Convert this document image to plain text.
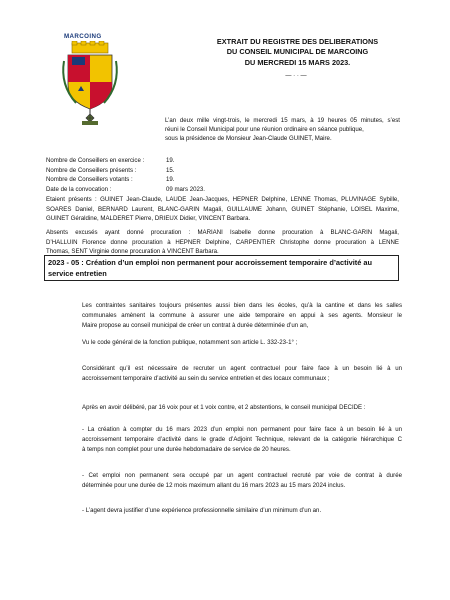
MARCOING
EXTRAIT DU REGISTRE DES DELIBERATIONS
DU CONSEIL MUNICIPAL DE MARCOING
DU MERCREDI 15 MARS 2023.
— · · —
L’an deux mille vingt-trois, le mercredi 15 mars, à 19 heures 05 minutes, s’est
réuni le Conseil Municipal pour une réunion ordinaire en séance publique,
sous la présidence de Monsieur Jean-Claude GUINET, Maire.
Nombre de Conseillers en exercice :	19.
Nombre de Conseillers présents :	15.
Nombre de Conseillers votants :	19.
Date de la convocation :	09 mars 2023.
Etaient présents : GUINET Jean-Claude, LAUDE Jean-Jacques, HEPNER Delphine, LENNE Thomas, PLUVINAGE Sybille,
SOARES Daniel, BERNARD Laurent, BLANC-GARIN Magali, GUILLAUME Johann, GUINET Stéphanie, LOISEL Maxime,
GUINET Géraldine, MALDERET Pierre, DRIEUX Didier, VINCENT Barbara.
Absents excusés ayant donné procuration : MARIANI Isabelle donne procuration à BLANC-GARIN Magali,
D’HALLUIN Florence donne procuration à HEPNER Delphine, CARPENTIER Christophe donne procuration à LENNE
Thomas, SENT Virginie donne procuration à VINCENT Barbara.
2023 - 05 : Création d’un emploi non permanent pour accroissement temporaire d’activité au service entretien
Les contraintes sanitaires toujours présentes aussi bien dans les écoles, qu’à la cantine et dans les salles
communales amènent la commune à assurer une aide temporaire en appui à ses agents. Monsieur le
Maire propose au conseil municipal de créer un contrat à durée déterminée d’un an,
Vu le code général de la fonction publique, notamment son article L. 332-23-1° ;
Considérant qu’il est nécessaire de recruter un agent contractuel pour faire face à un besoin lié à un
accroissement temporaire d’activité au sein du service entretien et des locaux communaux ;
Après en avoir délibéré, par 16 voix pour et 1 voix contre, et 2 abstentions, le conseil municipal DECIDE :
- La création à compter du 16 mars 2023 d’un emploi non permanent pour faire face à un besoin lié à un
accroissement temporaire d’activité dans le grade d’Adjoint Technique, relevant de la catégorie hiérarchique C
à temps non complet pour une durée hebdomadaire de service de 20 heures.
- Cet emploi non permanent sera occupé par un agent contractuel recruté par voie de contrat à durée
déterminée pour une durée de 12 mois maximum allant du 16 mars 2023 au 15 mars 2024 inclus.
- L’agent devra justifier d’une expérience professionnelle similaire d’un minimum d’un an.
